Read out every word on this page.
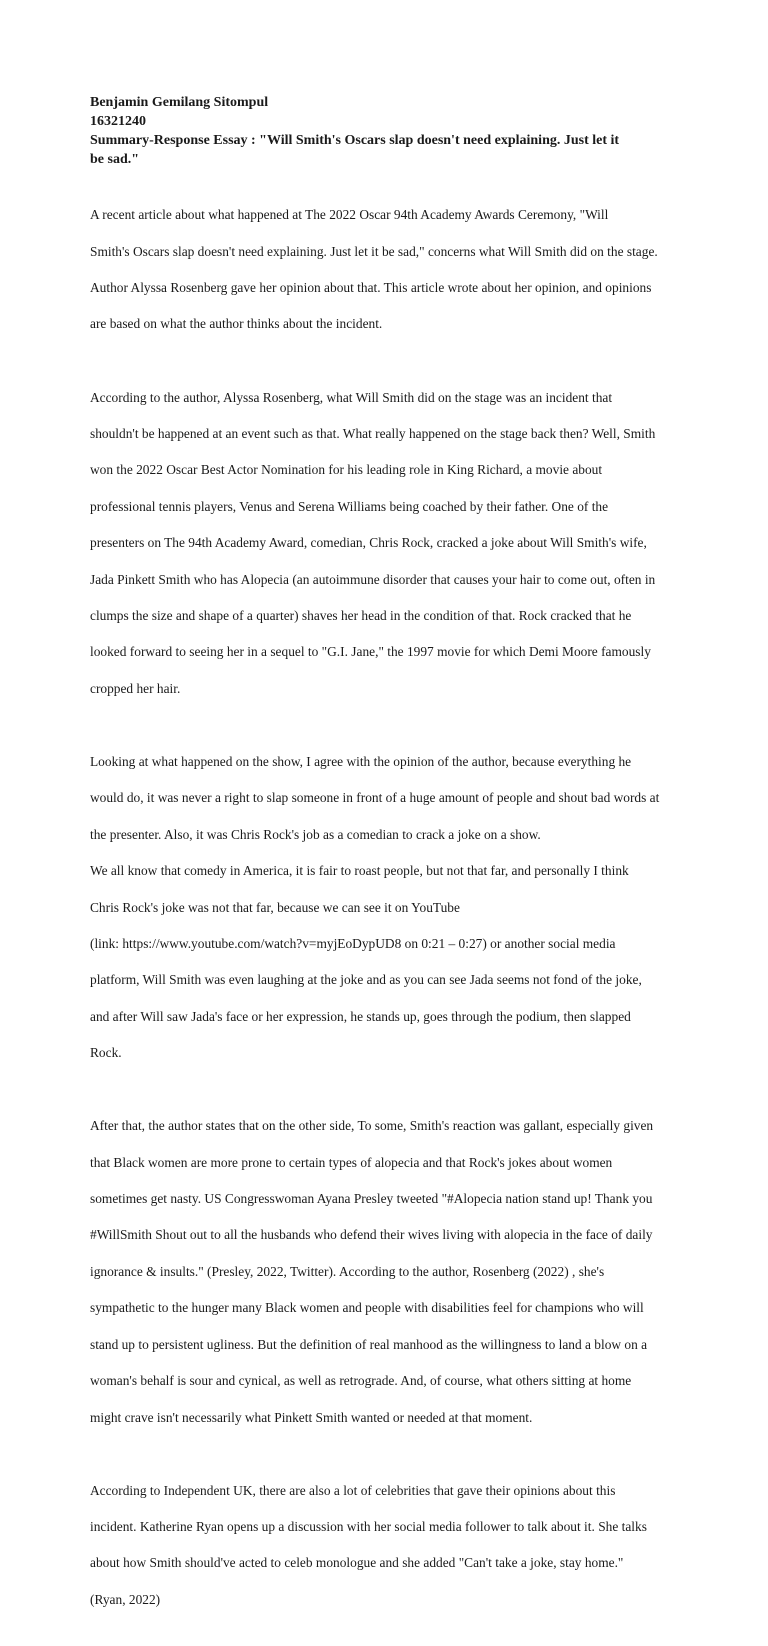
Benjamin Gemilang Sitompul

16321240

Summary-Response Essay : "Will Smith's Oscars slap doesn't need explaining. Just let it

be sad."

A recent article about what happened at The 2022 Oscar 94th Academy Awards Ceremony, "Will

Smith's Oscars slap doesn't need explaining. Just let it be sad," concerns what Will Smith did on the stage.

Author Alyssa Rosenberg gave her opinion about that. This article wrote about her opinion, and opinions

are based on what the author thinks about the incident.

According to the author, Alyssa Rosenberg, what Will Smith did on the stage was an incident that

shouldn't be happened at an event such as that. What really happened on the stage back then? Well, Smith

won the 2022 Oscar Best Actor Nomination for his leading role in King Richard, a movie about

professional tennis players, Venus and Serena Williams being coached by their father. One of the

presenters on The 94th Academy Award, comedian, Chris Rock, cracked a joke about Will Smith's wife,

Jada Pinkett Smith who has Alopecia (an autoimmune disorder that causes your hair to come out, often in

clumps the size and shape of a quarter) shaves her head in the condition of that. Rock cracked that he

looked forward to seeing her in a sequel to "G.I. Jane," the 1997 movie for which Demi Moore famously

cropped her hair.

Looking at what happened on the show, I agree with the opinion of the author, because everything he

would do, it was never a right to slap someone in front of a huge amount of people and shout bad words at

the presenter. Also, it was Chris Rock's job as a comedian to crack a joke on a show.

We all know that comedy in America, it is fair to roast people, but not that far, and personally I think

Chris Rock's joke was not that far, because we can see it on YouTube

(link: https://www.youtube.com/watch?v=myjEoDypUD8 on 0:21 – 0:27) or another social media

platform, Will Smith was even laughing at the joke and as you can see Jada seems not fond of the joke,

and after Will saw Jada's face or her expression, he stands up, goes through the podium, then slapped

Rock.

After that, the author states that on the other side, To some, Smith's reaction was gallant, especially given

that Black women are more prone to certain types of alopecia and that Rock's jokes about women

sometimes get nasty. US Congresswoman Ayana Presley tweeted "#Alopecia nation stand up! Thank you

#WillSmith Shout out to all the husbands who defend their wives living with alopecia in the face of daily

ignorance & insults." (Presley, 2022, Twitter). According to the author, Rosenberg (2022) , she's

sympathetic to the hunger many Black women and people with disabilities feel for champions who will

stand up to persistent ugliness. But the definition of real manhood as the willingness to land a blow on a

woman's behalf is sour and cynical, as well as retrograde. And, of course, what others sitting at home

might crave isn't necessarily what Pinkett Smith wanted or needed at that moment.

According to Independent UK, there are also a lot of celebrities that gave their opinions about this

incident. Katherine Ryan opens up a discussion with her social media follower to talk about it. She talks

about how Smith should've acted to celeb monologue and she added "Can't take a joke, stay home."

(Ryan, 2022)
